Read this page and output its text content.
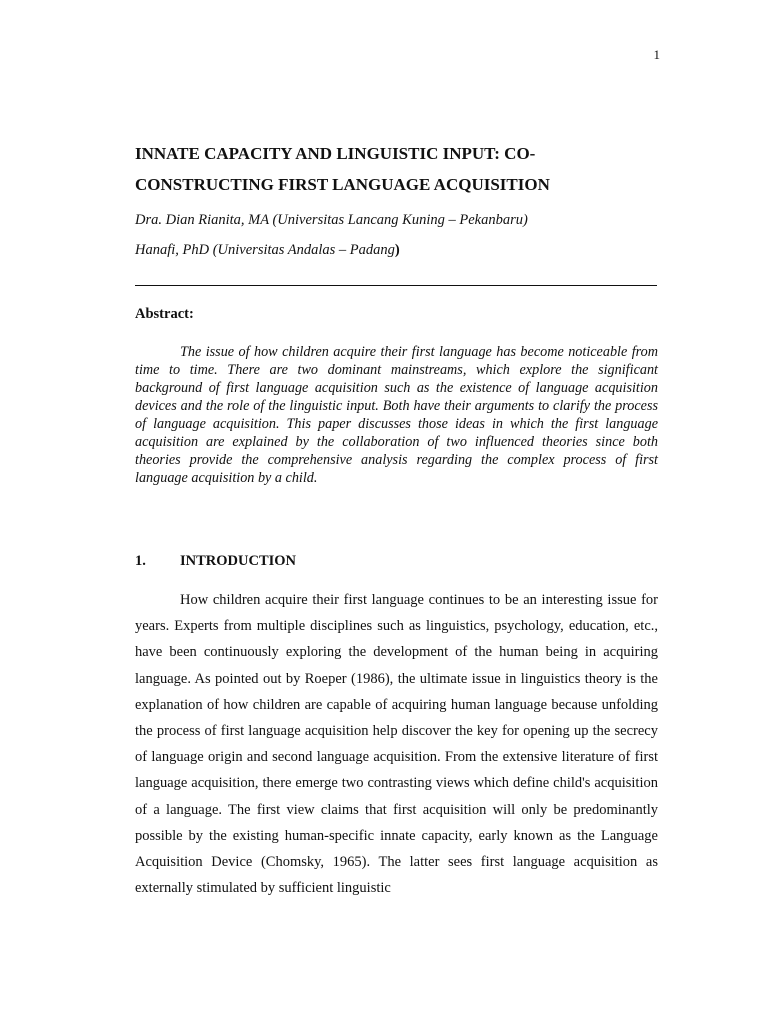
1
INNATE CAPACITY AND LINGUISTIC INPUT: CO-CONSTRUCTING FIRST LANGUAGE ACQUISITION
Dra. Dian Rianita, MA (Universitas Lancang Kuning – Pekanbaru)
Hanafi, PhD (Universitas Andalas – Padang)
Abstract:

The issue of how children acquire their first language has become noticeable from time to time. There are two dominant mainstreams, which explore the significant background of first language acquisition such as the existence of language acquisition devices and the role of the linguistic input. Both have their arguments to clarify the process of language acquisition. This paper discusses those ideas in which the first language acquisition are explained by the collaboration of two influenced theories since both theories provide the comprehensive analysis regarding the complex process of first language acquisition by a child.

1. INTRODUCTION

How children acquire their first language continues to be an interesting issue for years. Experts from multiple disciplines such as linguistics, psychology, education, etc., have been continuously exploring the development of the human being in acquiring language. As pointed out by Roeper (1986), the ultimate issue in linguistics theory is the explanation of how children are capable of acquiring human language because unfolding the process of first language acquisition help discover the key for opening up the secrecy of language origin and second language acquisition. From the extensive literature of first language acquisition, there emerge two contrasting views which define child's acquisition of a language. The first view claims that first acquisition will only be predominantly possible by the existing human-specific innate capacity, early known as the Language Acquisition Device (Chomsky, 1965). The latter sees first language acquisition as externally stimulated by sufficient linguistic
